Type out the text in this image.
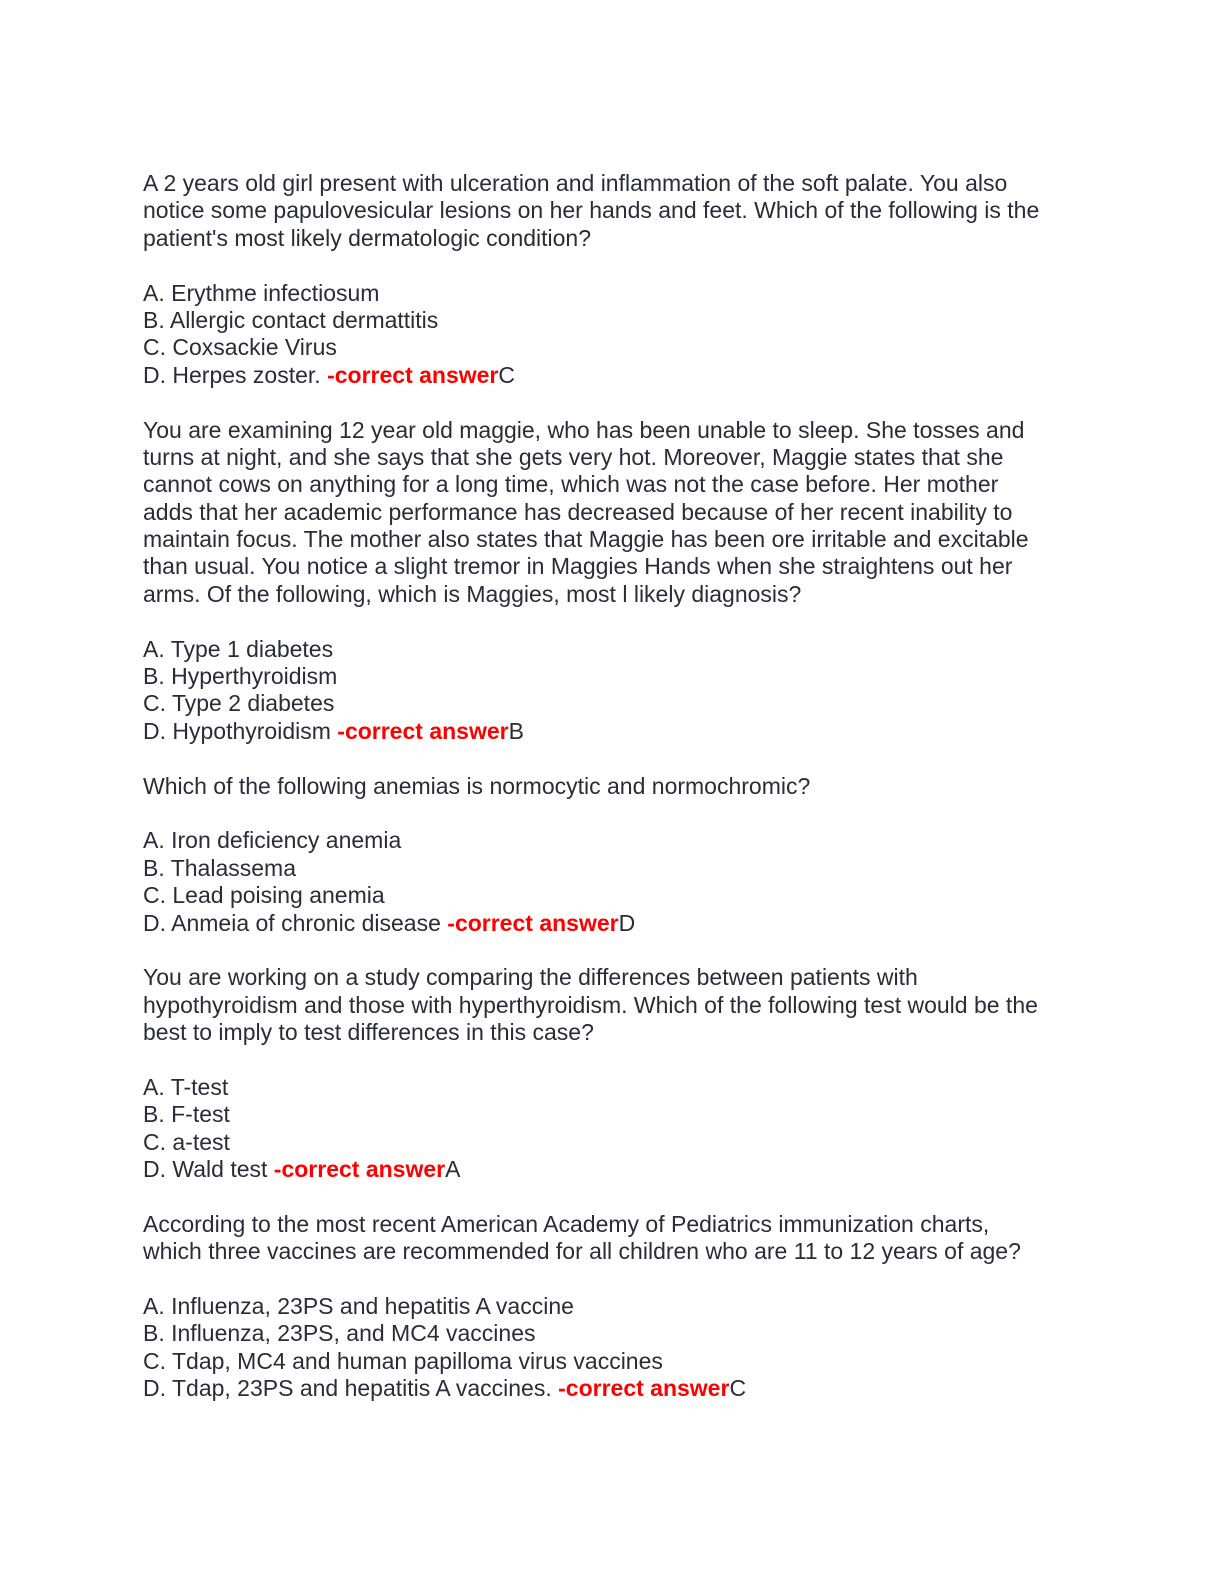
A 2 years old girl present with ulceration and inflammation of the soft palate. You also
notice some papulovesicular lesions on her hands and feet. Which of the following is the
patient's most likely dermatologic condition?
A. Erythme infectiosum
B. Allergic contact dermattitis
C. Coxsackie Virus
D. Herpes zoster. -correct answerC
You are examining 12 year old maggie, who has been unable to sleep. She tosses and
turns at night, and she says that she gets very hot. Moreover, Maggie states that she
cannot cows on anything for a long time, which was not the case before. Her mother
adds that her academic performance has decreased because of her recent inability to
maintain focus. The mother also states that Maggie has been ore irritable and excitable
than usual. You notice a slight tremor in Maggies Hands when she straightens out her
arms. Of the following, which is Maggies, most l likely diagnosis?
A. Type 1 diabetes
B. Hyperthyroidism
C. Type 2 diabetes
D. Hypothyroidism -correct answerB
Which of the following anemias is normocytic and normochromic?
A. Iron deficiency anemia
B. Thalassema
C. Lead poising anemia
D. Anmeia of chronic disease -correct answerD
You are working on a study comparing the differences between patients with
hypothyroidism and those with hyperthyroidism. Which of the following test would be the
best to imply to test differences in this case?
A. T-test
B. F-test
C. a-test
D. Wald test -correct answerA
According to the most recent American Academy of Pediatrics immunization charts,
which three vaccines are recommended for all children who are 11 to 12 years of age?
A. Influenza, 23PS and hepatitis A vaccine
B. Influenza, 23PS, and MC4 vaccines
C. Tdap, MC4 and human papilloma virus vaccines
D. Tdap, 23PS and hepatitis A vaccines. -correct answerC
